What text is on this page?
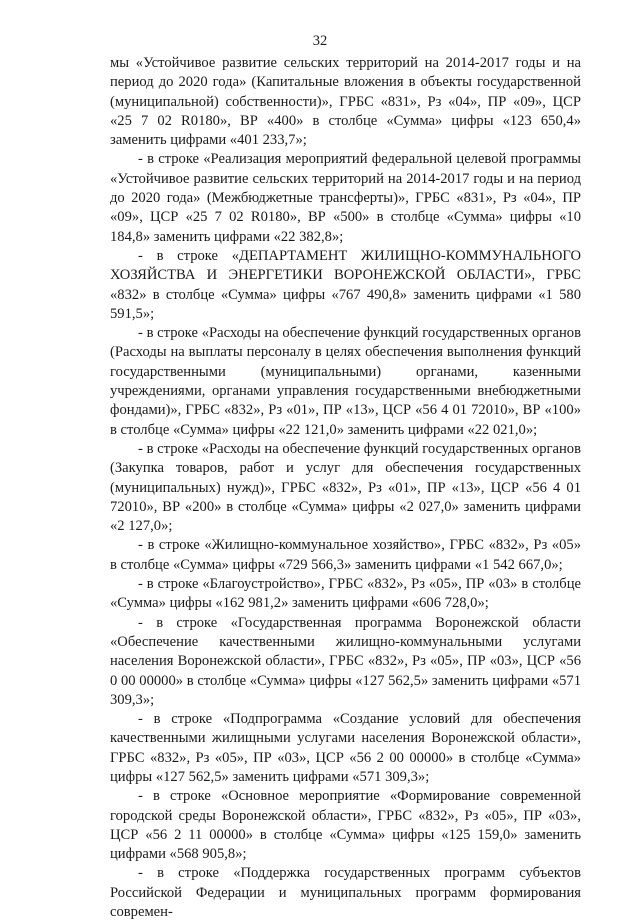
32

мы «Устойчивое развитие сельских территорий на 2014-2017 годы и на период до 2020 года» (Капитальные вложения в объекты государственной (муниципальной) собственности)», ГРБС «831», Рз «04», ПР «09», ЦСР «25 7 02 R0180», ВР «400» в столбце «Сумма» цифры «123 650,4» заменить цифрами «401 233,7»;

- в строке «Реализация мероприятий федеральной целевой программы «Устойчивое развитие сельских территорий на 2014-2017 годы и на период до 2020 года» (Межбюджетные трансферты)», ГРБС «831», Рз «04», ПР «09», ЦСР «25 7 02 R0180», ВР «500» в столбце «Сумма» цифры «10 184,8» заменить цифрами «22 382,8»;

- в строке «ДЕПАРТАМЕНТ ЖИЛИЩНО-КОММУНАЛЬНОГО ХОЗЯЙСТВА И ЭНЕРГЕТИКИ ВОРОНЕЖСКОЙ ОБЛАСТИ», ГРБС «832» в столбце «Сумма» цифры «767 490,8» заменить цифрами «1 580 591,5»;

- в строке «Расходы на обеспечение функций государственных органов (Расходы на выплаты персоналу в целях обеспечения выполнения функций государственными (муниципальными) органами, казенными учреждениями, органами управления государственными внебюджетными фондами)», ГРБС «832», Рз «01», ПР «13», ЦСР «56 4 01 72010», ВР «100» в столбце «Сумма» цифры «22 121,0» заменить цифрами «22 021,0»;

- в строке «Расходы на обеспечение функций государственных органов (Закупка товаров, работ и услуг для обеспечения государственных (муниципальных) нужд)», ГРБС «832», Рз «01», ПР «13», ЦСР «56 4 01 72010», ВР «200» в столбце «Сумма» цифры «2 027,0» заменить цифрами «2 127,0»;

- в строке «Жилищно-коммунальное хозяйство», ГРБС «832», Рз «05» в столбце «Сумма» цифры «729 566,3» заменить цифрами «1 542 667,0»;

- в строке «Благоустройство», ГРБС «832», Рз «05», ПР «03» в столбце «Сумма» цифры «162 981,2» заменить цифрами «606 728,0»;

- в строке «Государственная программа Воронежской области «Обеспечение качественными жилищно-коммунальными услугами населения Воронежской области», ГРБС «832», Рз «05», ПР «03», ЦСР «56 0 00 00000» в столбце «Сумма» цифры «127 562,5» заменить цифрами «571 309,3»;

- в строке «Подпрограмма «Создание условий для обеспечения качественными жилищными услугами населения Воронежской области», ГРБС «832», Рз «05», ПР «03», ЦСР «56 2 00 00000» в столбце «Сумма» цифры «127 562,5» заменить цифрами «571 309,3»;

- в строке «Основное мероприятие «Формирование современной городской среды Воронежской области», ГРБС «832», Рз «05», ПР «03», ЦСР «56 2 11 00000» в столбце «Сумма» цифры «125 159,0» заменить цифрами «568 905,8»;

- в строке «Поддержка государственных программ субъектов Российской Федерации и муниципальных программ формирования современ-
